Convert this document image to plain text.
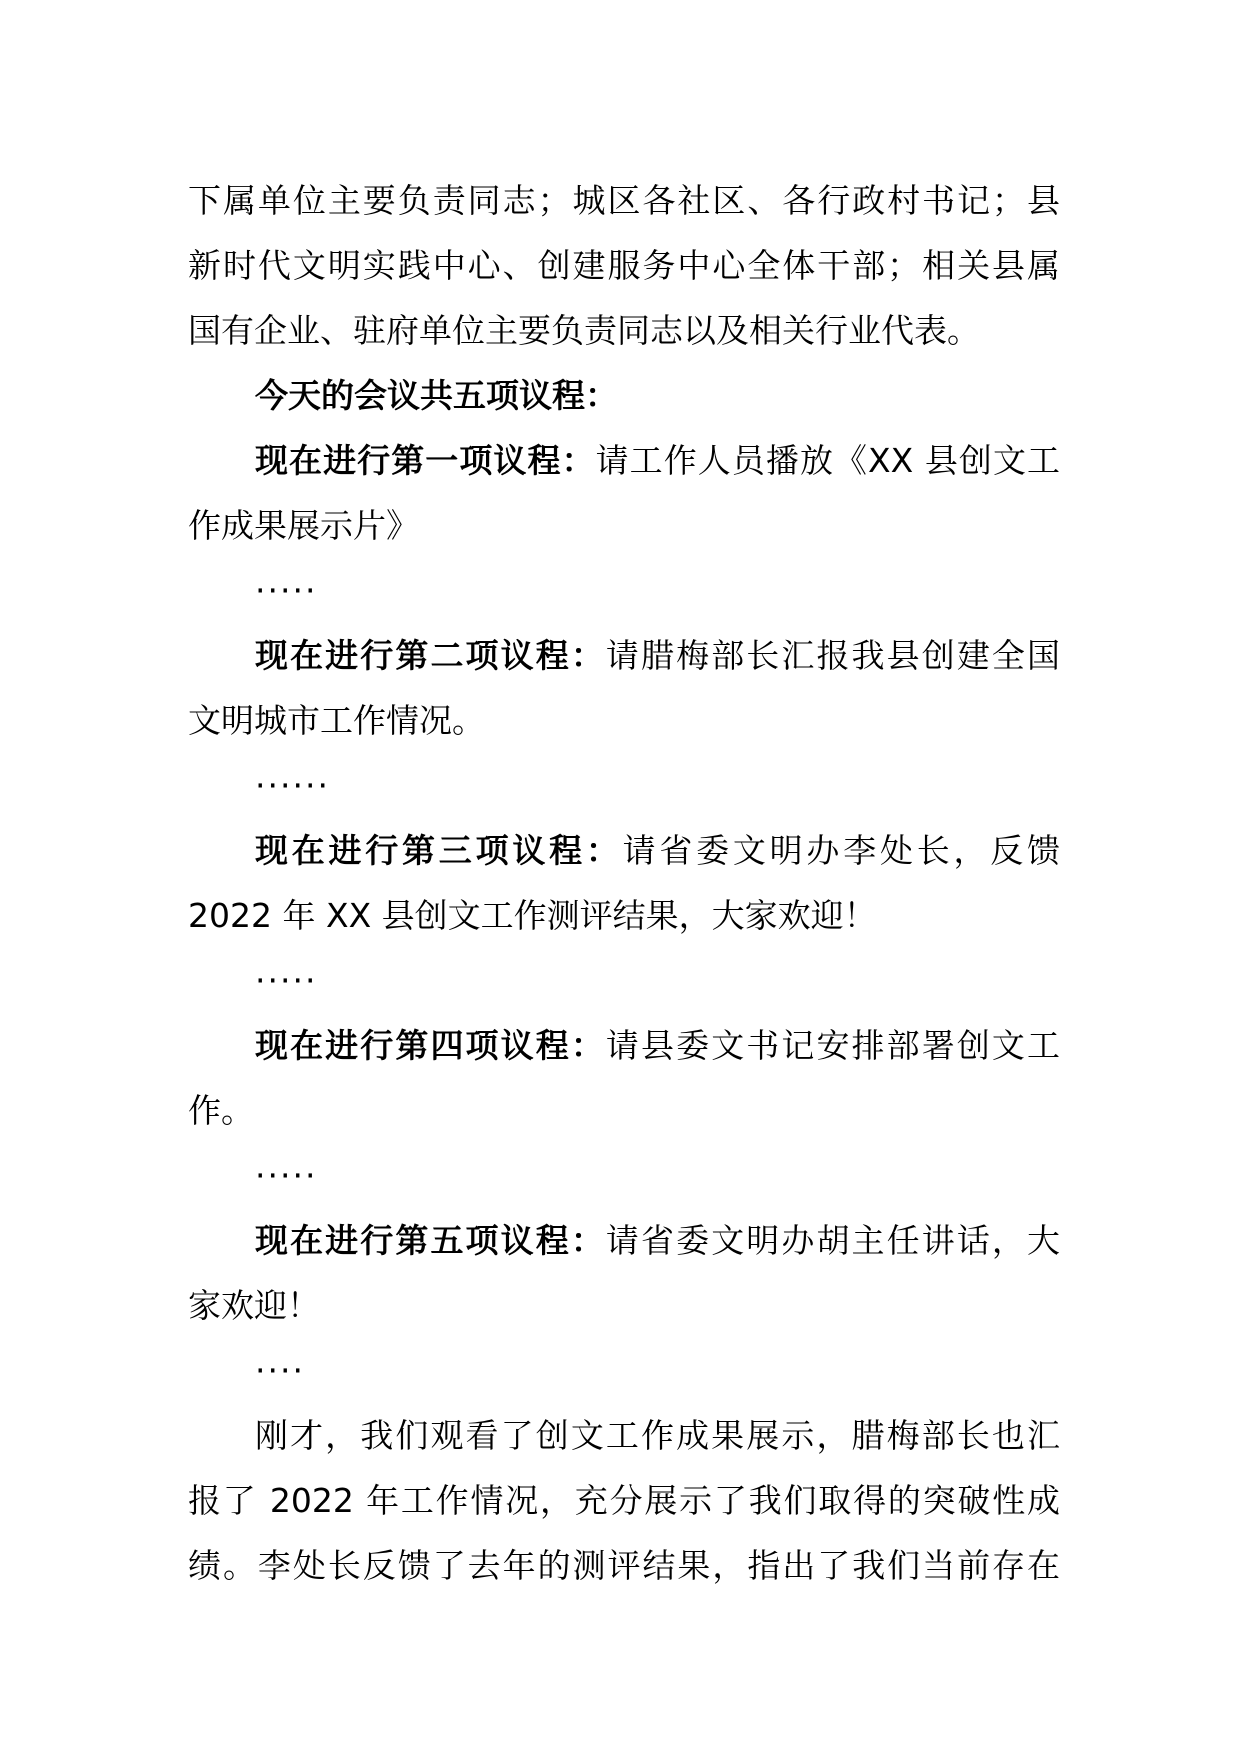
下属单位主要负责同志；城区各社区、各行政村书记；县
新时代文明实践中心、创建服务中心全体干部；相关县属
国有企业、驻府单位主要负责同志以及相关行业代表。
今天的会议共五项议程：
现在进行第一项议程：请工作人员播放《XX 县创文工
作成果展示片》
·····
现在进行第二项议程：请腊梅部长汇报我县创建全国
文明城市工作情况。
······
现在进行第三项议程：请省委文明办李处长，反馈
2022 年 XX 县创文工作测评结果，大家欢迎！
·····
现在进行第四项议程：请县委文书记安排部署创文工
作。
·····
现在进行第五项议程：请省委文明办胡主任讲话，大
家欢迎！
····
刚才，我们观看了创文工作成果展示，腊梅部长也汇
报了 2022 年工作情况，充分展示了我们取得的突破性成
绩。李处长反馈了去年的测评结果，指出了我们当前存在
